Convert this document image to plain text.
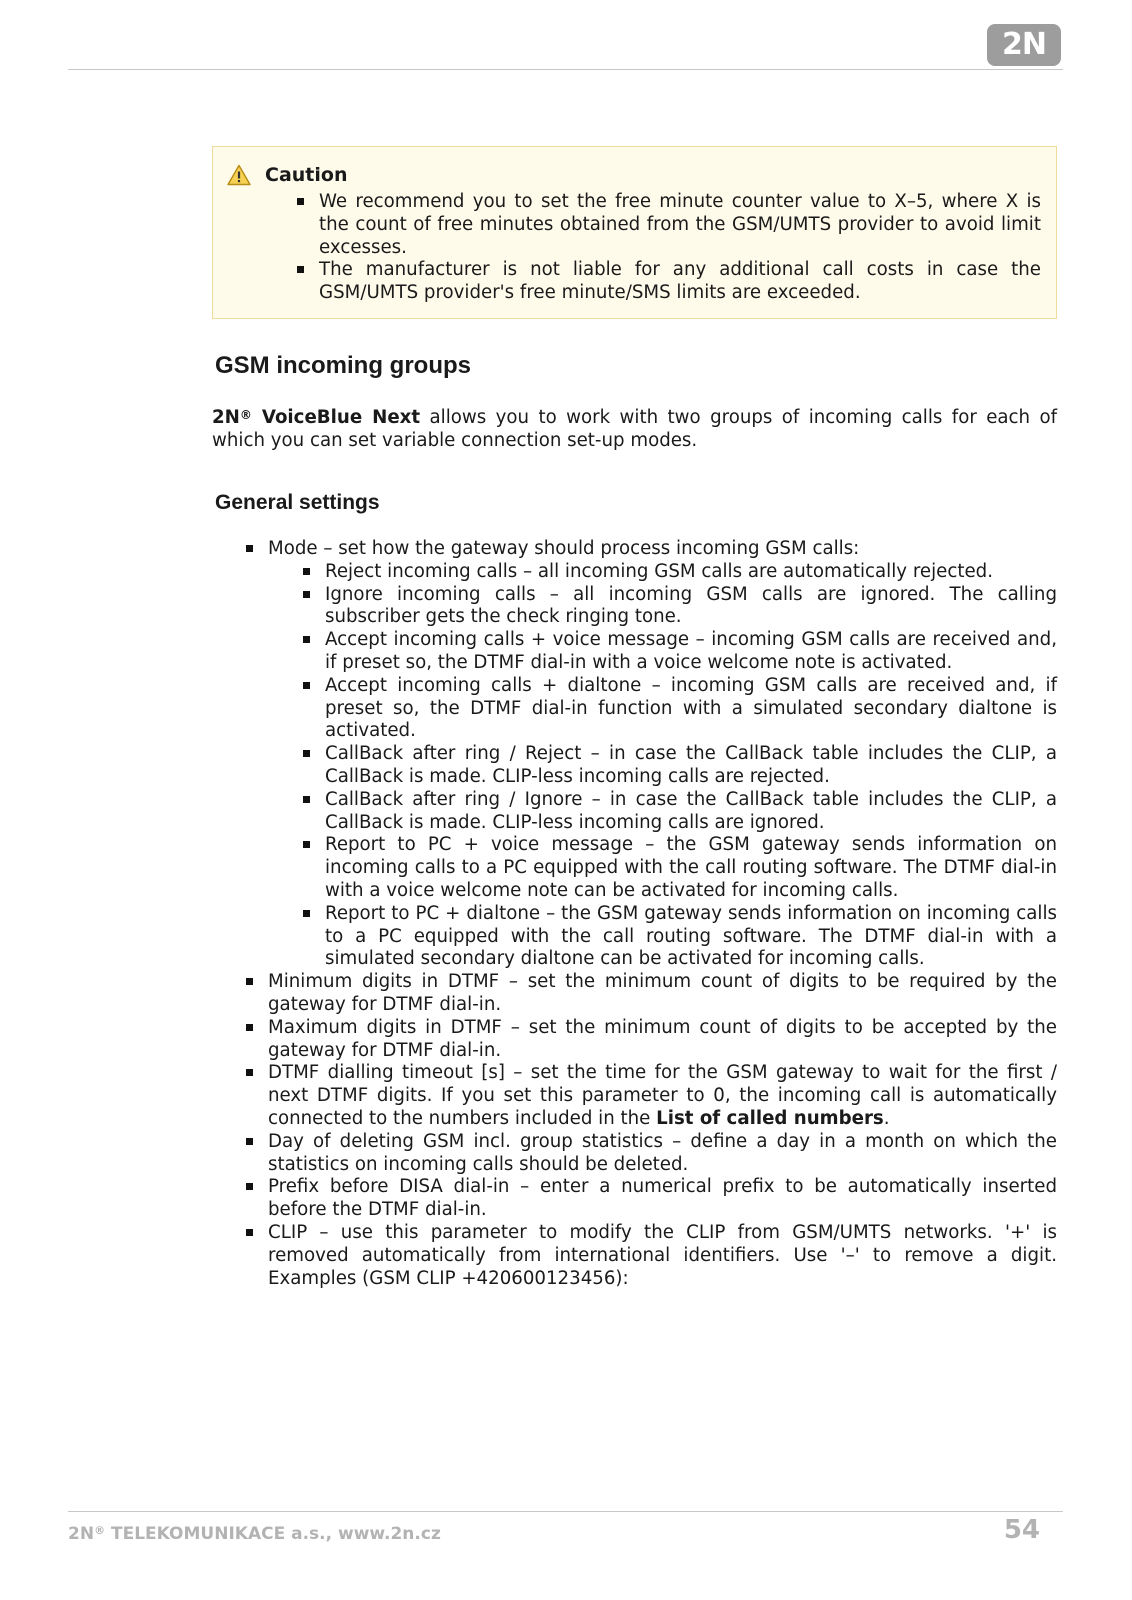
2N
Caution
We recommend you to set the free minute counter value to X–5, where X is the count of free minutes obtained from the GSM/UMTS provider to avoid limit excesses.
The manufacturer is not liable for any additional call costs in case the GSM/UMTS provider's free minute/SMS limits are exceeded.
GSM incoming groups

2N® VoiceBlue Next allows you to work with two groups of incoming calls for each of which you can set variable connection set-up modes.

General settings
Mode – set how the gateway should process incoming GSM calls:
Reject incoming calls – all incoming GSM calls are automatically rejected.
Ignore incoming calls – all incoming GSM calls are ignored. The calling subscriber gets the check ringing tone.
Accept incoming calls + voice message – incoming GSM calls are received and, if preset so, the DTMF dial-in with a voice welcome note is activated.
Accept incoming calls + dialtone – incoming GSM calls are received and, if preset so, the DTMF dial-in function with a simulated secondary dialtone is activated.
CallBack after ring / Reject – in case the CallBack table includes the CLIP, a CallBack is made. CLIP-less incoming calls are rejected.
CallBack after ring / Ignore – in case the CallBack table includes the CLIP, a CallBack is made. CLIP-less incoming calls are ignored.
Report to PC + voice message – the GSM gateway sends information on incoming calls to a PC equipped with the call routing software. The DTMF dial-in with a voice welcome note can be activated for incoming calls.
Report to PC + dialtone – the GSM gateway sends information on incoming calls to a PC equipped with the call routing software. The DTMF dial-in with a simulated secondary dialtone can be activated for incoming calls.
Minimum digits in DTMF – set the minimum count of digits to be required by the gateway for DTMF dial-in.
Maximum digits in DTMF – set the minimum count of digits to be accepted by the gateway for DTMF dial-in.
DTMF dialling timeout [s] – set the time for the GSM gateway to wait for the first / next DTMF digits. If you set this parameter to 0, the incoming call is automatically connected to the numbers included in the List of called numbers.
Day of deleting GSM incl. group statistics – define a day in a month on which the statistics on incoming calls should be deleted.
Prefix before DISA dial-in – enter a numerical prefix to be automatically inserted before the DTMF dial-in.
CLIP – use this parameter to modify the CLIP from GSM/UMTS networks. '+' is removed automatically from international identifiers. Use '–' to remove a digit. Examples (GSM CLIP +420600123456):
2N® TELEKOMUNIKACE a.s., www.2n.cz	54
